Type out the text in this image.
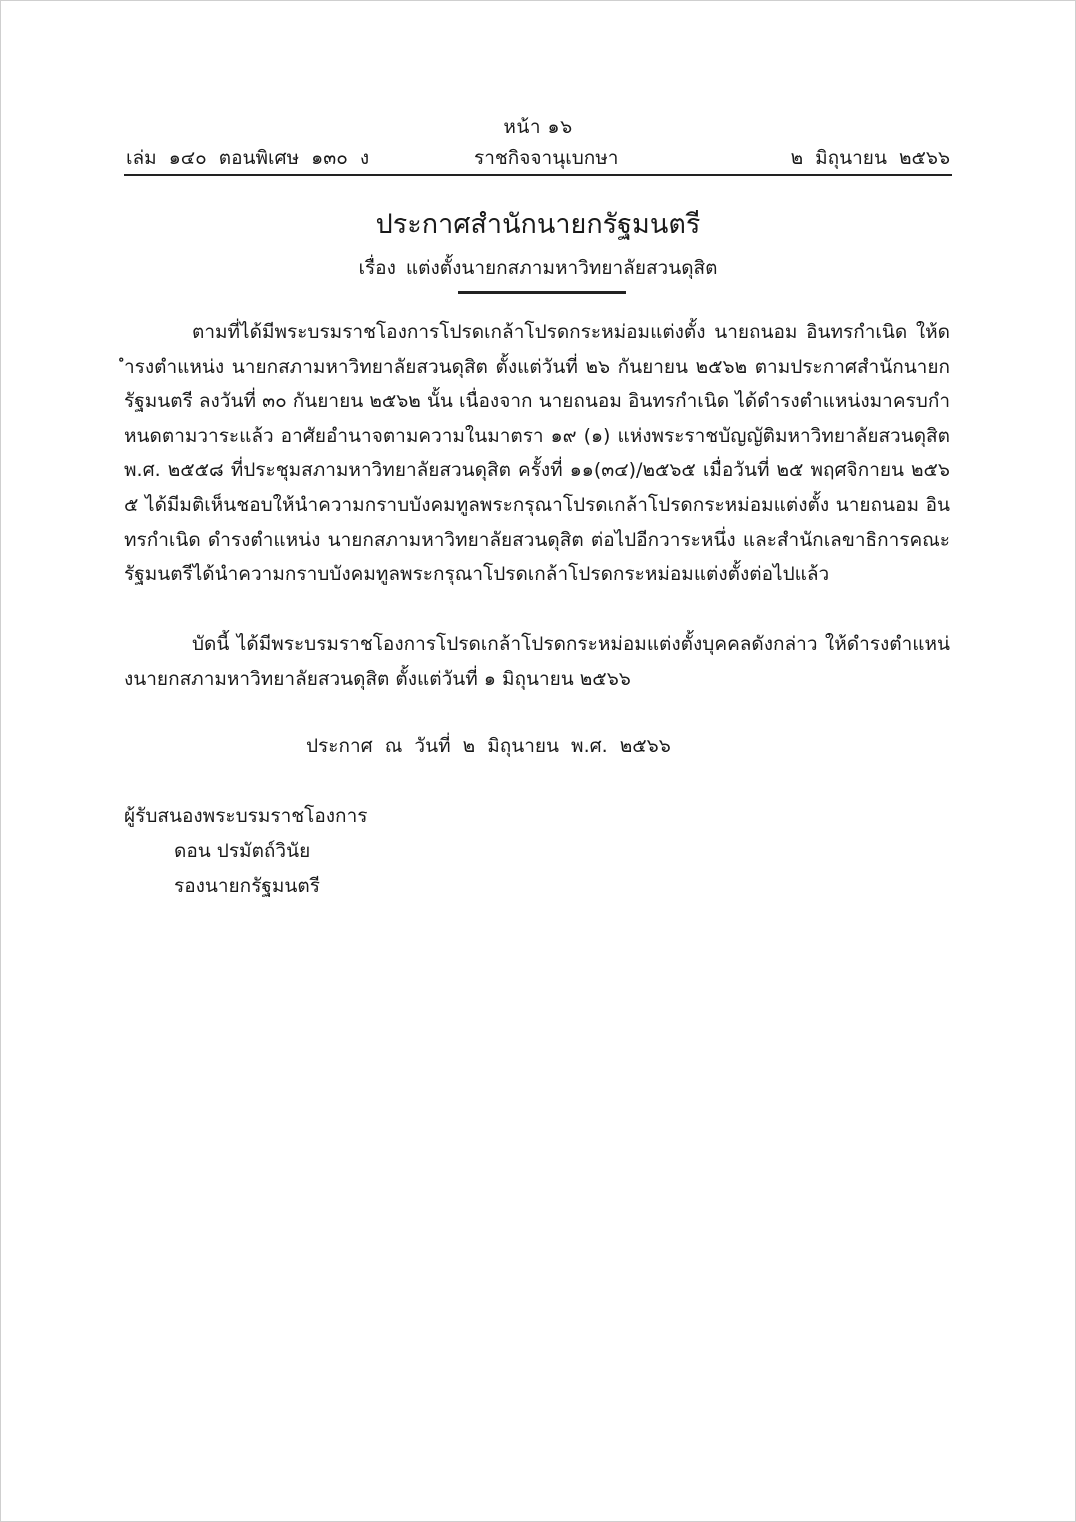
หน้า ๑๖
เล่ม ๑๔๐ ตอนพิเศษ ๑๓๐ ง	ราชกิจจานุเบกษา	๒ มิถุนายน ๒๕๖๖
ประกาศสำนักนายกรัฐมนตรี
เรื่อง แต่งตั้งนายกสภามหาวิทยาลัยสวนดุสิต

ตามที่ได้มีพระบรมราชโองการโปรดเกล้าโปรดกระหม่อมแต่งตั้ง นายถนอม อินทรกำเนิด ให้ดำรงตำแหน่ง นายกสภามหาวิทยาลัยสวนดุสิต ตั้งแต่วันที่ ๒๖ กันยายน ๒๕๖๒ ตามประกาศสำนักนายกรัฐมนตรี ลงวันที่ ๓๐ กันยายน ๒๕๖๒ นั้น เนื่องจาก นายถนอม อินทรกำเนิด ได้ดำรงตำแหน่งมาครบกำหนดตามวาระแล้ว อาศัยอำนาจตามความในมาตรา ๑๙ (๑) แห่งพระราชบัญญัติมหาวิทยาลัยสวนดุสิต พ.ศ. ๒๕๕๘ ที่ประชุมสภามหาวิทยาลัยสวนดุสิต ครั้งที่ ๑๑(๓๔)/๒๕๖๕ เมื่อวันที่ ๒๕ พฤศจิกายน ๒๕๖๕ ได้มีมติเห็นชอบให้นำความกราบบังคมทูลพระกรุณาโปรดเกล้าโปรดกระหม่อมแต่งตั้ง นายถนอม อินทรกำเนิด ดำรงตำแหน่ง นายกสภามหาวิทยาลัยสวนดุสิต ต่อไปอีกวาระหนึ่ง และสำนักเลขาธิการคณะรัฐมนตรีได้นำความกราบบังคมทูลพระกรุณาโปรดเกล้าโปรดกระหม่อมแต่งตั้งต่อไปแล้ว

บัดนี้ ได้มีพระบรมราชโองการโปรดเกล้าโปรดกระหม่อมแต่งตั้งบุคคลดังกล่าว ให้ดำรงตำแหน่งนายกสภามหาวิทยาลัยสวนดุสิต ตั้งแต่วันที่ ๑ มิถุนายน ๒๕๖๖

ประกาศ ณ วันที่ ๒ มิถุนายน พ.ศ. ๒๕๖๖
ผู้รับสนองพระบรมราชโองการ
ดอน ปรมัตถ์วินัย
รองนายกรัฐมนตรี
